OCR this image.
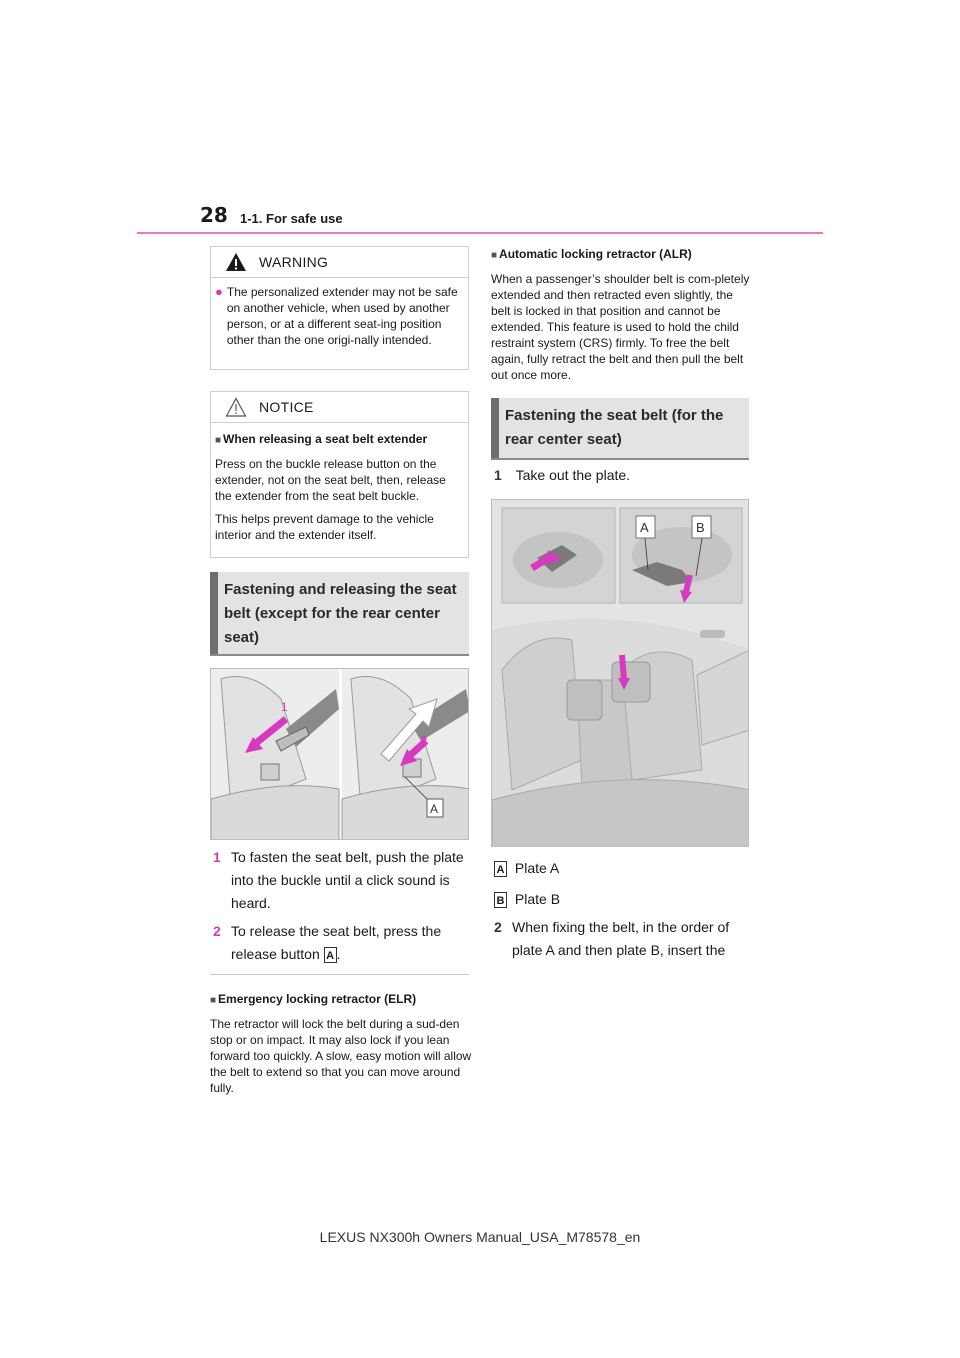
28 1-1. For safe use
WARNING
● The personalized extender may not be safe on another vehicle, when used by another person, or at a different seat-ing position other than the one origi-nally intended.
NOTICE
■ When releasing a seat belt extender

Press on the buckle release button on the extender, not on the seat belt, then, release the extender from the seat belt buckle.

This helps prevent damage to the vehicle interior and the extender itself.

Fastening and releasing the seat belt (except for the rear center seat)
1
2
A
1 To fasten the seat belt, push the plate into the buckle until a click sound is heard.
2 To release the seat belt, press the release button A .
■ Emergency locking retractor (ELR)

The retractor will lock the belt during a sud-den stop or on impact. It may also lock if you lean forward too quickly. A slow, easy motion will allow the belt to extend so that you can move around fully.

■ Automatic locking retractor (ALR)

When a passenger’s shoulder belt is com-pletely extended and then retracted even slightly, the belt is locked in that position and cannot be extended. This feature is used to hold the child restraint system (CRS) firmly. To free the belt again, fully retract the belt and then pull the belt out once more.

Fastening the seat belt (for the rear center seat)
1 Take out the plate.
A	B
A Plate A
B Plate B
2 When fixing the belt, in the order of plate A and then plate B, insert the
LEXUS NX300h Owners Manual_USA_M78578_en
